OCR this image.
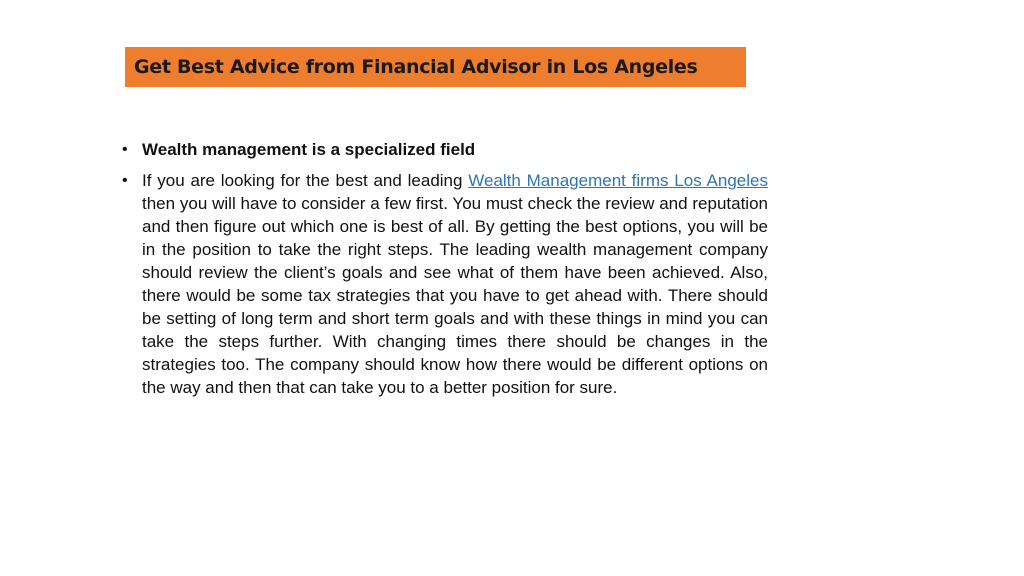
Get Best Advice from Financial Advisor in Los Angeles
• Wealth management is a specialized field
• If you are looking for the best and leading Wealth Management firms Los Angeles then you will have to consider a few first. You must check the review and reputation and then figure out which one is best of all. By getting the best options, you will be in the position to take the right steps. The leading wealth management company should review the client’s goals and see what of them have been achieved. Also, there would be some tax strategies that you have to get ahead with. There should be setting of long term and short term goals and with these things in mind you can take the steps further. With changing times there should be changes in the strategies too. The company should know how there would be different options on the way and then that can take you to a better position for sure.
